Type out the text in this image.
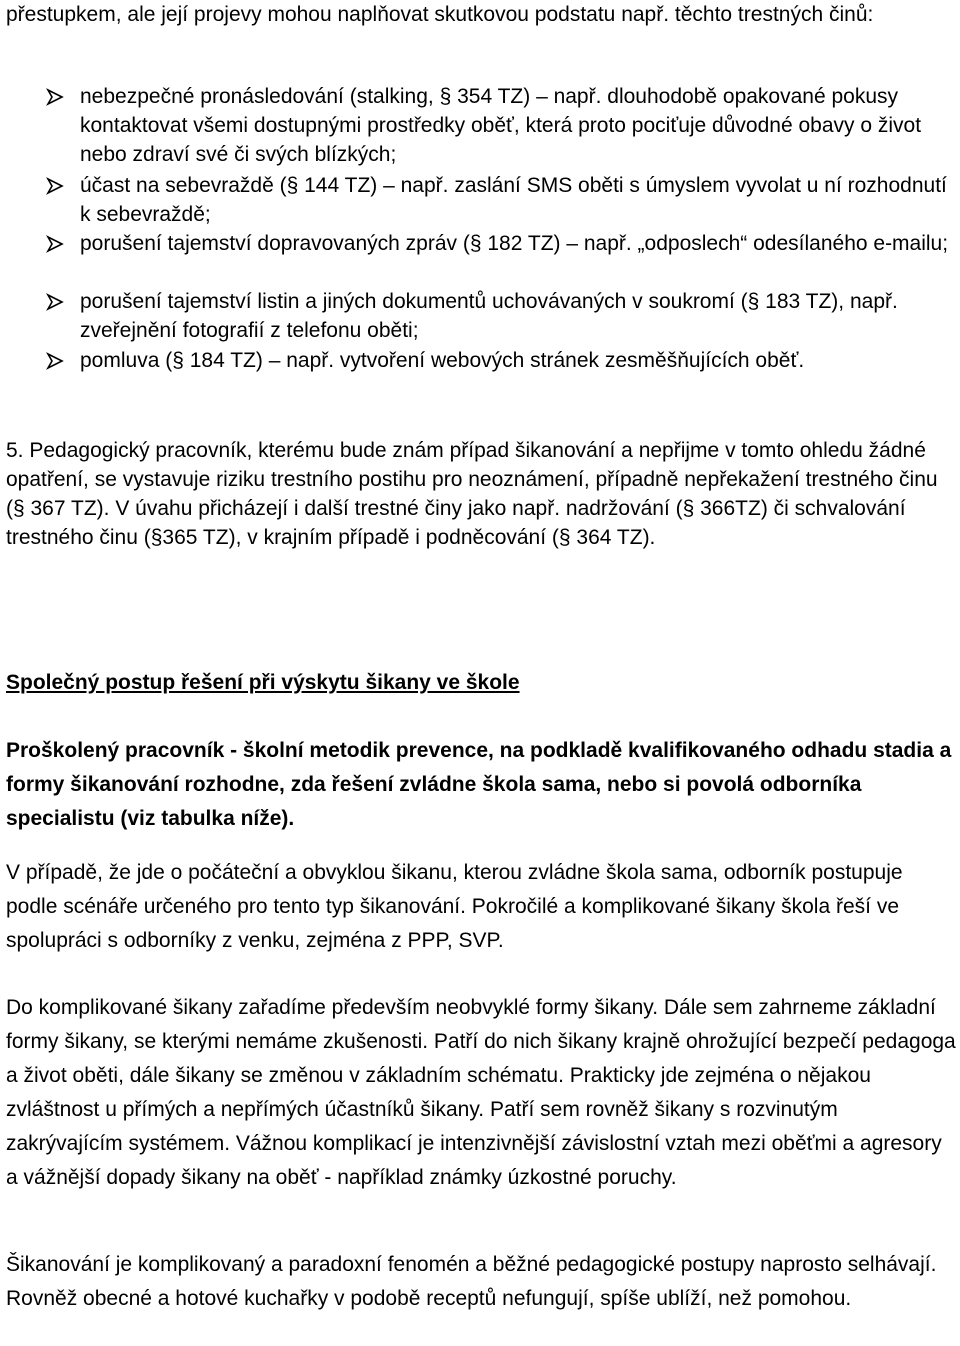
přestupkem, ale její projevy mohou naplňovat skutkovou podstatu např. těchto trestných činů:
nebezpečné pronásledování (stalking, § 354 TZ) – např. dlouhodobě opakované pokusy kontaktovat všemi dostupnými prostředky oběť, která proto pociťuje důvodné obavy o život nebo zdraví své či svých blízkých;
účast na sebevraždě (§ 144 TZ) – např. zaslání SMS oběti s úmyslem vyvolat u ní rozhodnutí k sebevraždě;
porušení tajemství dopravovaných zpráv (§ 182 TZ) – např. „odposlech“ odesílaného e-mailu;
porušení tajemství listin a jiných dokumentů uchovávaných v soukromí (§ 183 TZ), např. zveřejnění fotografií z telefonu oběti;
pomluva (§ 184 TZ) – např. vytvoření webových stránek zesměšňujících oběť.
5. Pedagogický pracovník, kterému bude znám případ šikanování a nepřijme v tomto ohledu žádné opatření, se vystavuje riziku trestního postihu pro neoznámení, případně nepřekažení trestného činu (§ 367 TZ). V úvahu přicházejí i další trestné činy jako např. nadržování (§ 366TZ) či schvalování trestného činu (§365 TZ), v krajním případě i podněcování (§ 364 TZ).
Společný postup řešení při výskytu šikany ve škole
Proškolený pracovník - školní metodik prevence, na podkladě kvalifikovaného odhadu stadia a formy šikanování rozhodne, zda řešení zvládne škola sama, nebo si povolá odborníka specialistu (viz tabulka níže).
V případě, že jde o počáteční a obvyklou šikanu, kterou zvládne škola sama, odborník postupuje podle scénáře určeného pro tento typ šikanování. Pokročilé a komplikované šikany škola řeší ve spolupráci s odborníky z venku, zejména z PPP, SVP.
Do komplikované šikany zařadíme především neobvyklé formy šikany. Dále sem zahrneme základní formy šikany, se kterými nemáme zkušenosti. Patří do nich šikany krajně ohrožující bezpečí pedagoga a život oběti, dále šikany se změnou v základním schématu. Prakticky jde zejména o nějakou zvláštnost u přímých a nepřímých účastníků šikany. Patří sem rovněž šikany s rozvinutým zakrývajícím systémem. Vážnou komplikací je intenzivnější závislostní vztah mezi oběťmi a agresory a vážnější dopady šikany na oběť - například známky úzkostné poruchy.
Šikanování je komplikovaný a paradoxní fenomén a běžné pedagogické postupy naprosto selhávají. Rovněž obecné a hotové kuchařky v podobě receptů nefungují, spíše ublíží, než pomohou.
